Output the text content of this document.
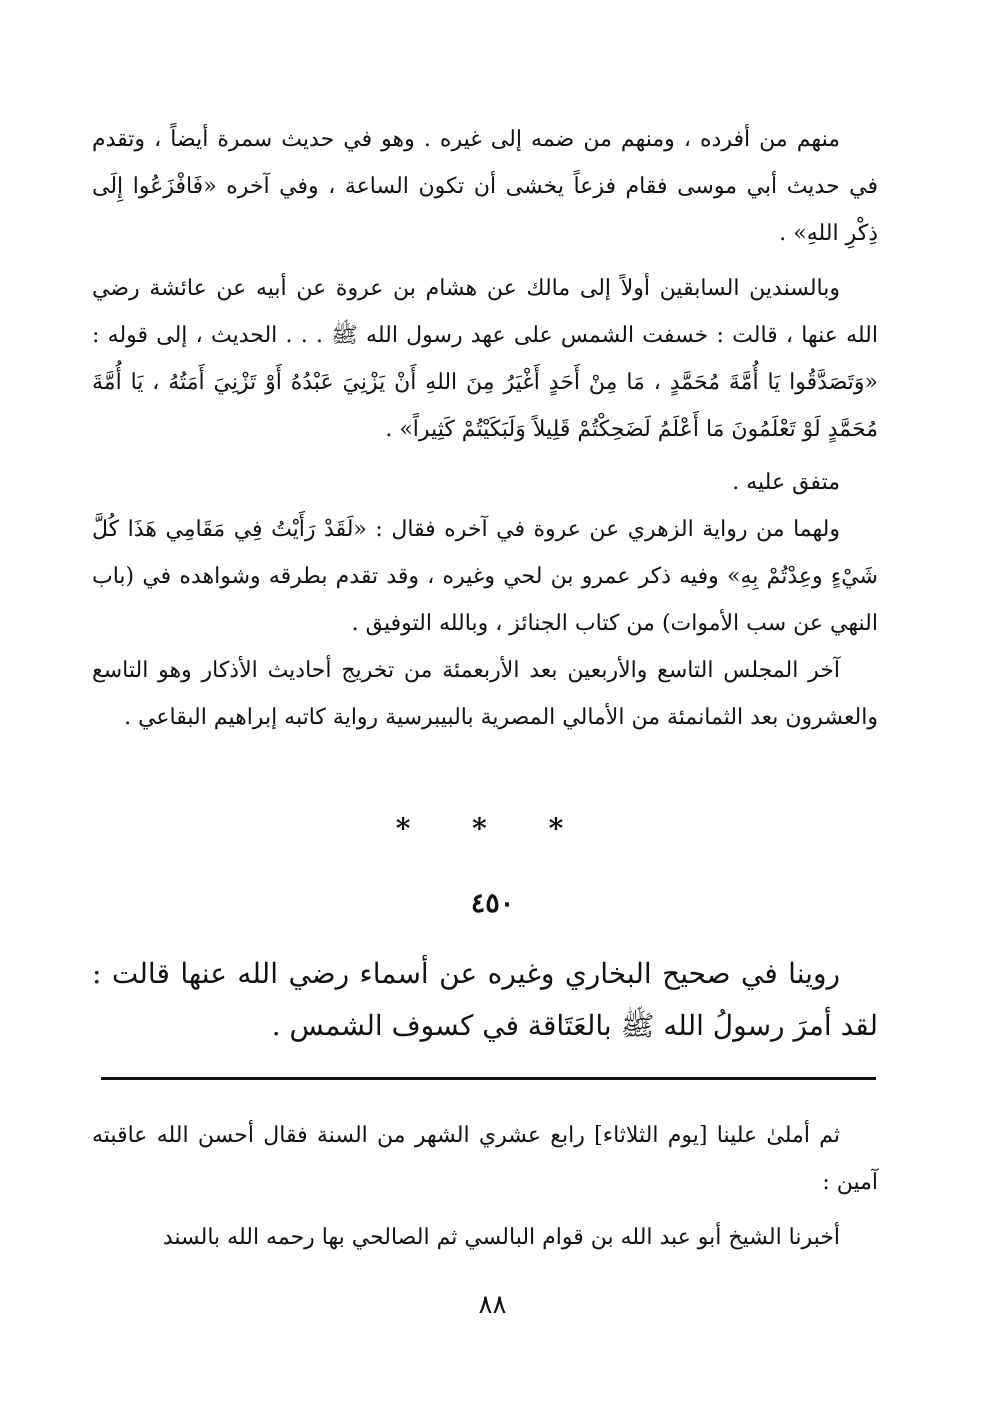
منهم من أفرده ، ومنهم من ضمه إلى غيره . وهو في حديث سمرة أيضاً ، وتقدم في حديث أبي موسى فقام فزعاً يخشى أن تكون الساعة ، وفي آخره «فَافْزَعُوا إِلَى ذِكْرِ اللهِ» .

وبالسندين السابقين أولاً إلى مالك عن هشام بن عروة عن أبيه عن عائشة رضي الله عنها ، قالت : خسفت الشمس على عهد رسول الله ﷺ . . . الحديث ، إلى قوله : «وَتَصَدَّقُوا يَا أُمَّةَ مُحَمَّدٍ ، مَا مِنْ أَحَدٍ أَغْيَرُ مِنَ اللهِ أَنْ يَزْنِيَ عَبْدُهُ أَوْ تَزْنِيَ أَمَتُهُ ، يَا أُمَّةَ مُحَمَّدٍ لَوْ تَعْلَمُونَ مَا أَعْلَمُ لَضَحِكْتُمْ قَلِيلاً وَلَبَكَيْتُمْ كَثِيراً» .

متفق عليه .

ولهما من رواية الزهري عن عروة في آخره فقال : «لَقَدْ رَأَيْتُ فِي مَقَامِي هَذَا كُلَّ شَيْءٍ وعِدْتُمْ بِهِ» وفيه ذكر عمرو بن لحي وغيره ، وقد تقدم بطرقه وشواهده في (باب النهي عن سب الأموات) من كتاب الجنائز ، وبالله التوفيق .

آخر المجلس التاسع والأربعين بعد الأربعمئة من تخريج أحاديث الأذكار وهو التاسع والعشرون بعد الثمانمئة من الأمالي المصرية بالبيبرسية رواية كاتبه إبراهيم البقاعي .

* * *
٤٥٠

روينا في صحيح البخاري وغيره عن أسماء رضي الله عنها قالت : لقد أمرَ رسولُ الله ﷺ بالعَتَاقة في كسوف الشمس .

ثم أملىٰ علينا [يوم الثلاثاء] رابع عشري الشهر من السنة فقال أحسن الله عاقبته آمين :

أخبرنا الشيخ أبو عبد الله بن قوام البالسي ثم الصالحي بها رحمه الله بالسند

٨٨
